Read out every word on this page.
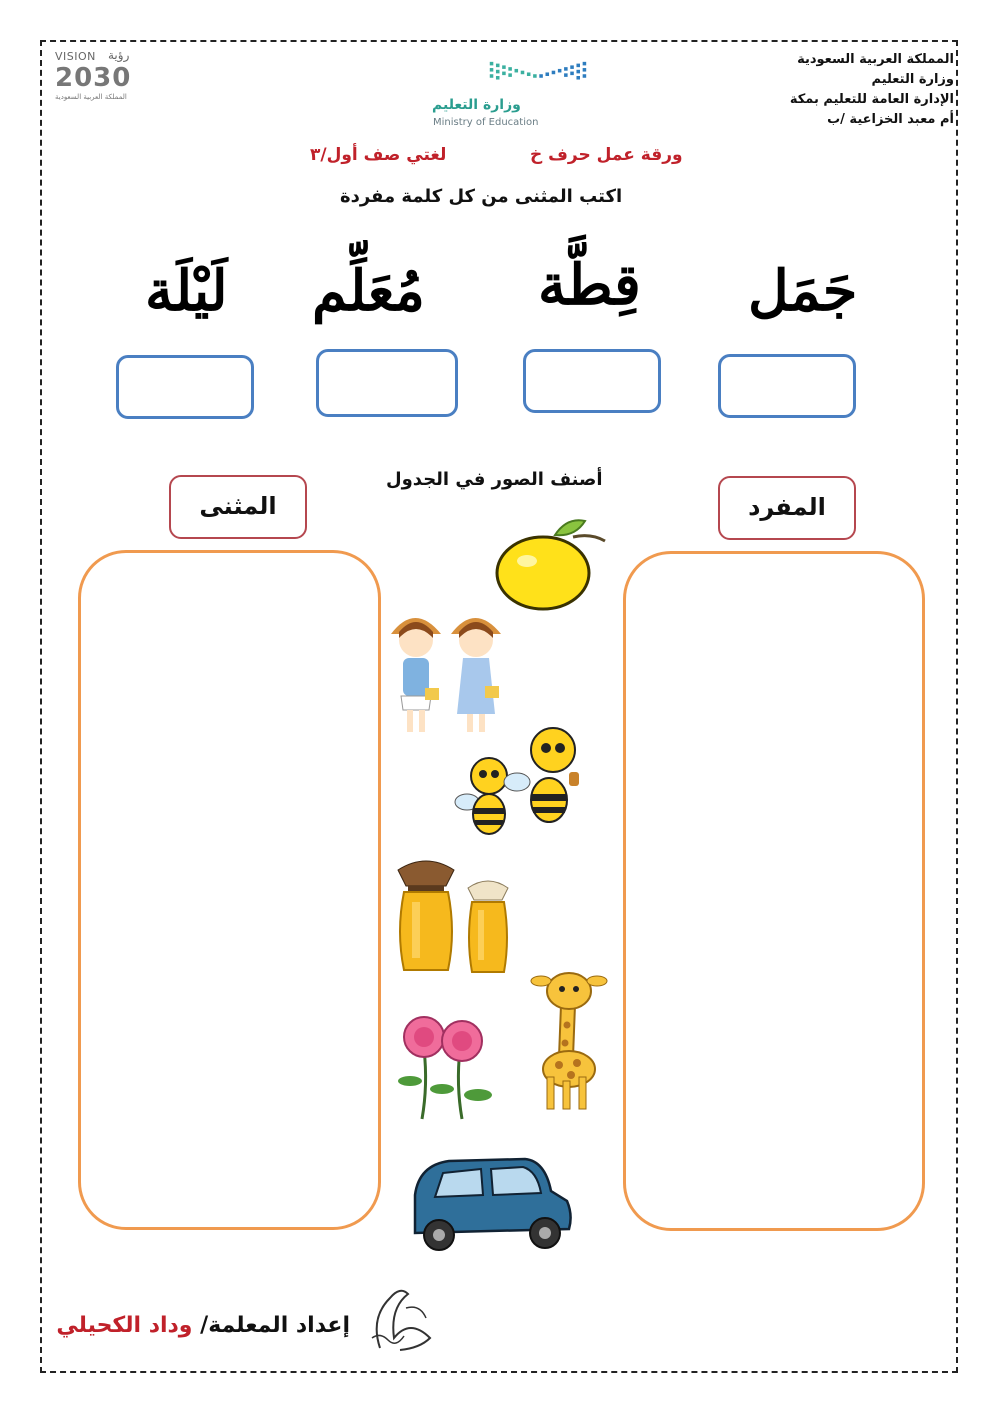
المملكة العربية السعودية
وزارة التعليم
الإدارة العامة للتعليم بمكة
أم معبد الخزاعية /ب
وزارة التعليم
Ministry of Education
VISION رؤية
2030
المملكة العربية السعودية
لغتي صف أول/٣	ورقة عمل حرف خ
اكتب المثنى من كل كلمة مفردة
جَمَل
قِطَّة
مُعَلِّم
لَيْلَة
أصنف الصور في الجدول
المفرد
المثنى
إعداد المعلمة/ وداد الكحيلي
